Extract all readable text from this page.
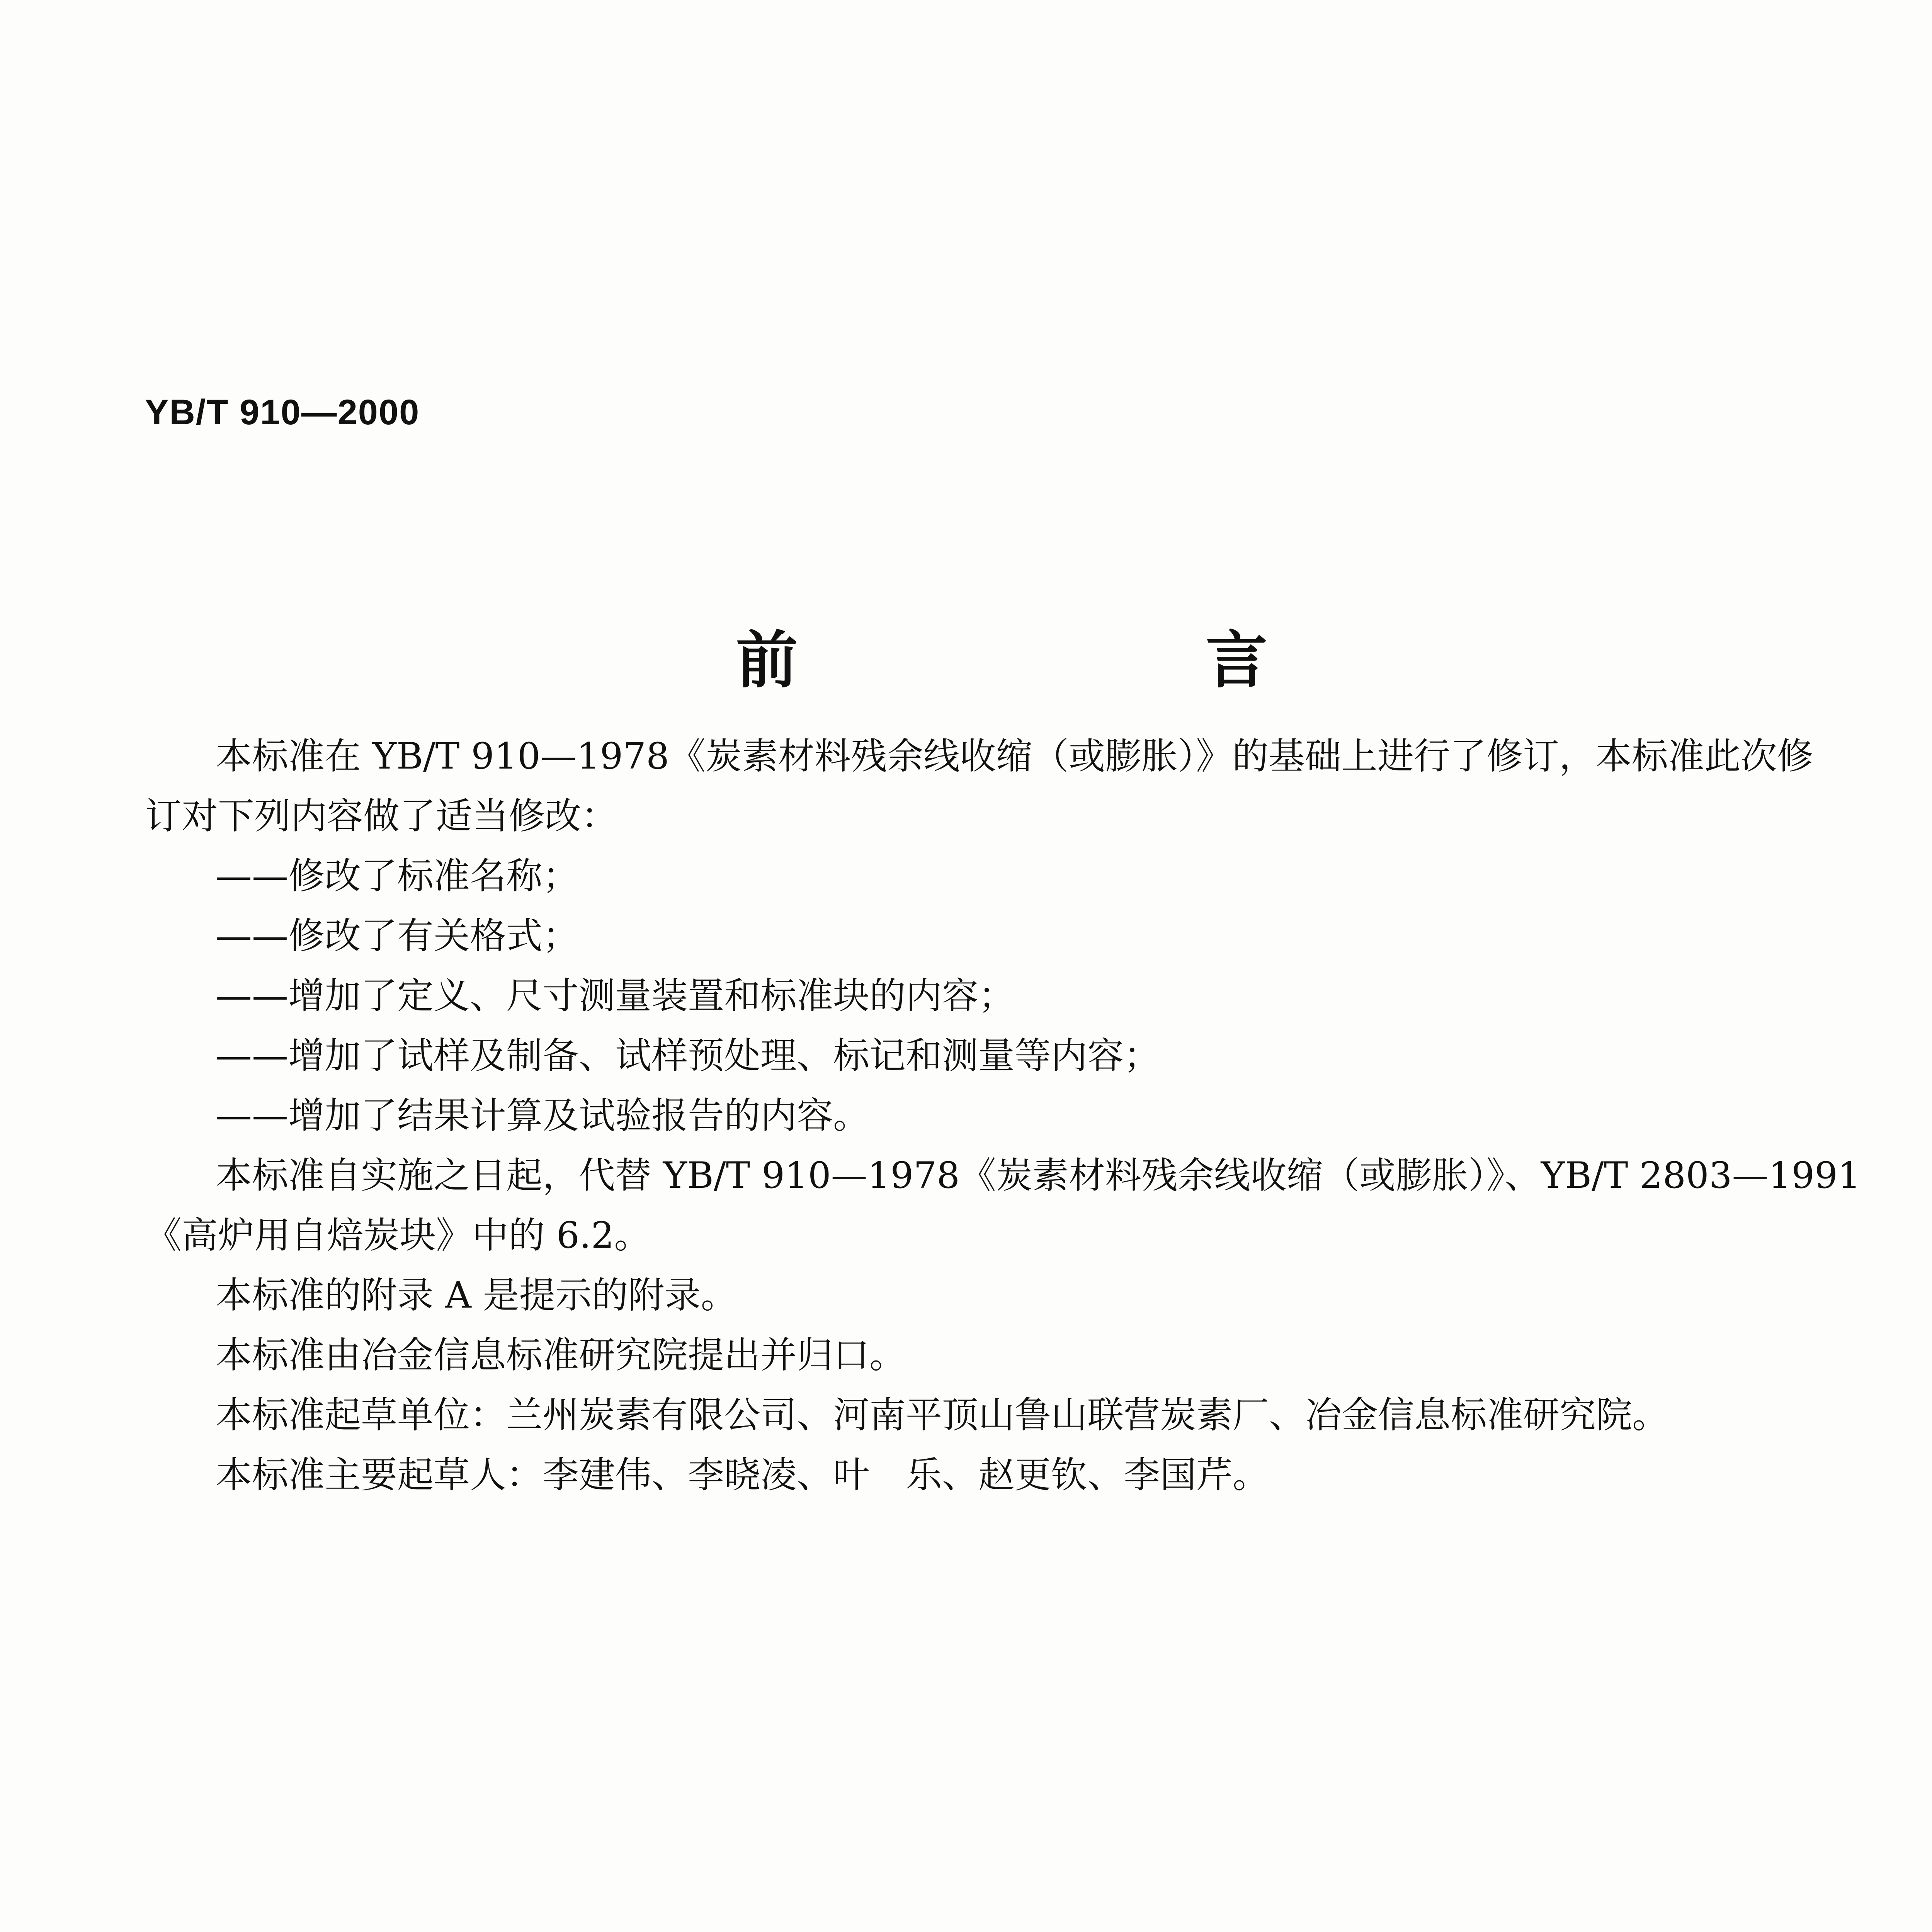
YB/T 910—2000
前 言

本标准在 YB/T 910—1978《炭素材料残余线收缩（或膨胀）》的基础上进行了修订，本标准此次修

订对下列内容做了适当修改：

——修改了标准名称；

——修改了有关格式；

——增加了定义、尺寸测量装置和标准块的内容；

——增加了试样及制备、试样预处理、标记和测量等内容；

——增加了结果计算及试验报告的内容。

本标准自实施之日起，代替 YB/T 910—1978《炭素材料残余线收缩（或膨胀）》、YB/T 2803—1991

《高炉用自焙炭块》中的 6.2。

本标准的附录 A 是提示的附录。

本标准由冶金信息标准研究院提出并归口。

本标准起草单位：兰州炭素有限公司、河南平顶山鲁山联营炭素厂、冶金信息标准研究院。

本标准主要起草人：李建伟、李晓凌、叶　乐、赵更钦、李国芹。
